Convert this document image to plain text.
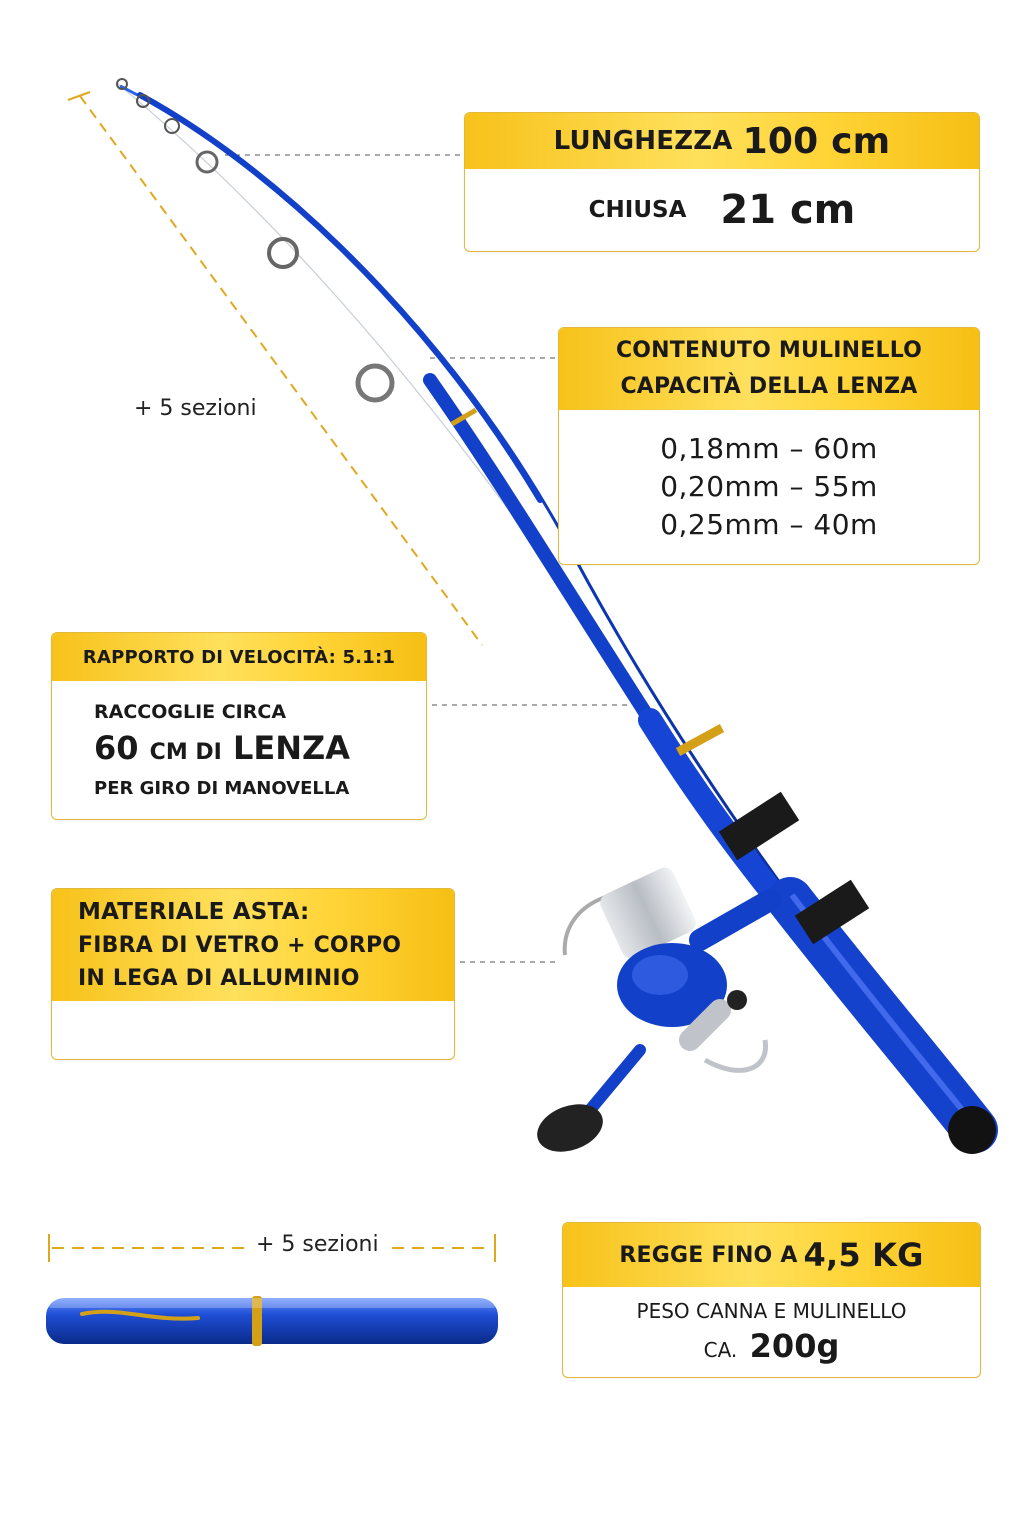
+ 5 sezioni
+ 5 sezioni
LUNGHEZZA 100 cm
CHIUSA 21 cm
CONTENUTO MULINELLO
CAPACITÀ DELLA LENZA
0,18mm – 60m
0,20mm – 55m
0,25mm – 40m
RAPPORTO DI VELOCITÀ: 5.1:1
RACCOGLIE CIRCA
60 CM DI LENZA
PER GIRO DI MANOVELLA
MATERIALE ASTA:
FIBRA DI VETRO + CORPO
IN LEGA DI ALLUMINIO
REGGE FINO A 4,5 KG
PESO CANNA E MULINELLO
CA. 200g
